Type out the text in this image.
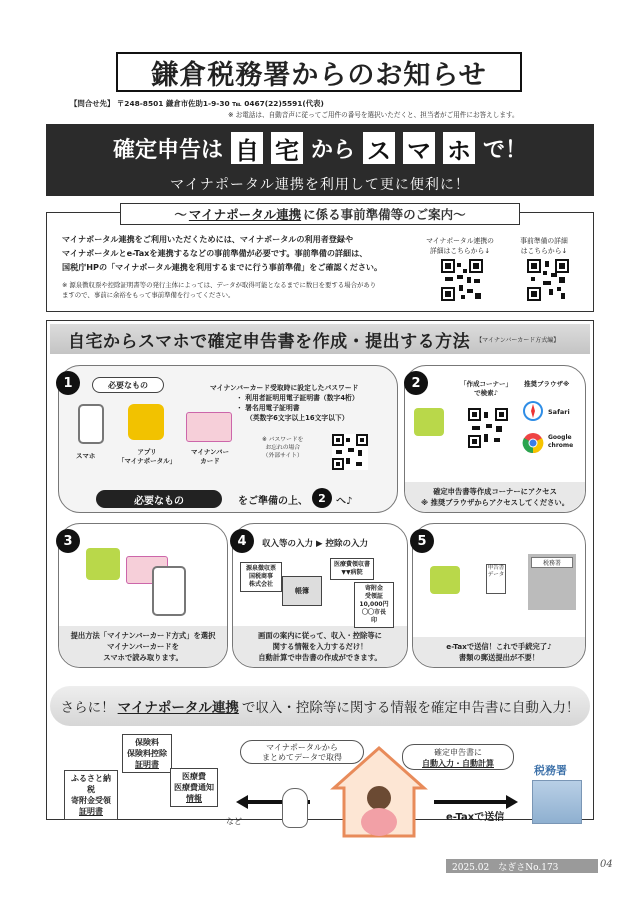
鎌倉税務署からのお知らせ
【問合せ先】 〒248-8501 鎌倉市佐助1-9-30 ℡ 0467(22)5591(代表)
※ お電話は、自動音声に従ってご用件の番号を選択いただくと、担当者がご用件にお答えします。
確定申告は 自 宅 から ス マ ホ で！
マイナポータル連携を利用して更に便利に！
～ マイナポータル連携 に係る事前準備等のご案内～
マイナポータル連携をご利用いただくためには、マイナポータルの利用者登録や
マイナポータルとe-Taxを連携するなどの事前準備が必要です。事前準備の詳細は、
国税庁HPの「マイナポータル連携を利用するまでに行う事前準備」をご確認ください。
※ 源泉徴収票や控除証明書等の発行主体によっては、データが取得可能となるまでに数日を要する場合があり
ますので、事前に余裕をもって事前準備を行ってください。
マイナポータル連携の
詳細はこちらから↓
事前準備の詳細
はこちらから↓
自宅からスマホで確定申告書を作成・提出する方法 【マイナンバーカード方式編】
1	必要なもの
スマホ	アプリ
「マイナポータル」
マイナンバー
カード
マイナンバーカード受取時に設定したパスワード
・ 利用者証明用電子証明書（数字4桁）
・ 署名用電子証明書
（英数字6文字以上16文字以下）
※ パスワードを
お忘れの場合
（外部サイト）
必要なもの	をご準備の上、 2	へ♪
確定申告書等作成コーナーにアクセス
※ 推奨ブラウザからアクセスしてください。
2	「作成コーナー」
で検索♪
推奨ブラウザ※
Safari
Google
chrome
提出方法「マイナンバーカード方式」を選択
マイナンバーカードを
スマホで読み取ります。
3
画面の案内に従って、収入・控除等に
関する情報を入力するだけ！
自動計算で申告書の作成ができます。
4	収入等の入力 ▶ 控除の入力
源泉徴収票
国税商事
株式会社
帳簿
医療費領収書
▼▼病院
寄附金
受領証
10,000円
〇〇市長 印
e-Taxで送信！これで手続完了♪
書類の郵送提出が不要！
5
申告書
データ
税務署
さらに！ マイナポータル連携 で収入・控除等に関する情報を確定申告書に自動入力！
保険料
保険料控除
証明書
ふるさと納税
寄附金受領
証明書
医療費
医療費通知
情報
など
マイナポータルから
まとめてデータで取得
確定申告書に
自動入力・自動計算
e-Taxで送信
税務署
2025.02　なぎさNo.173	04
